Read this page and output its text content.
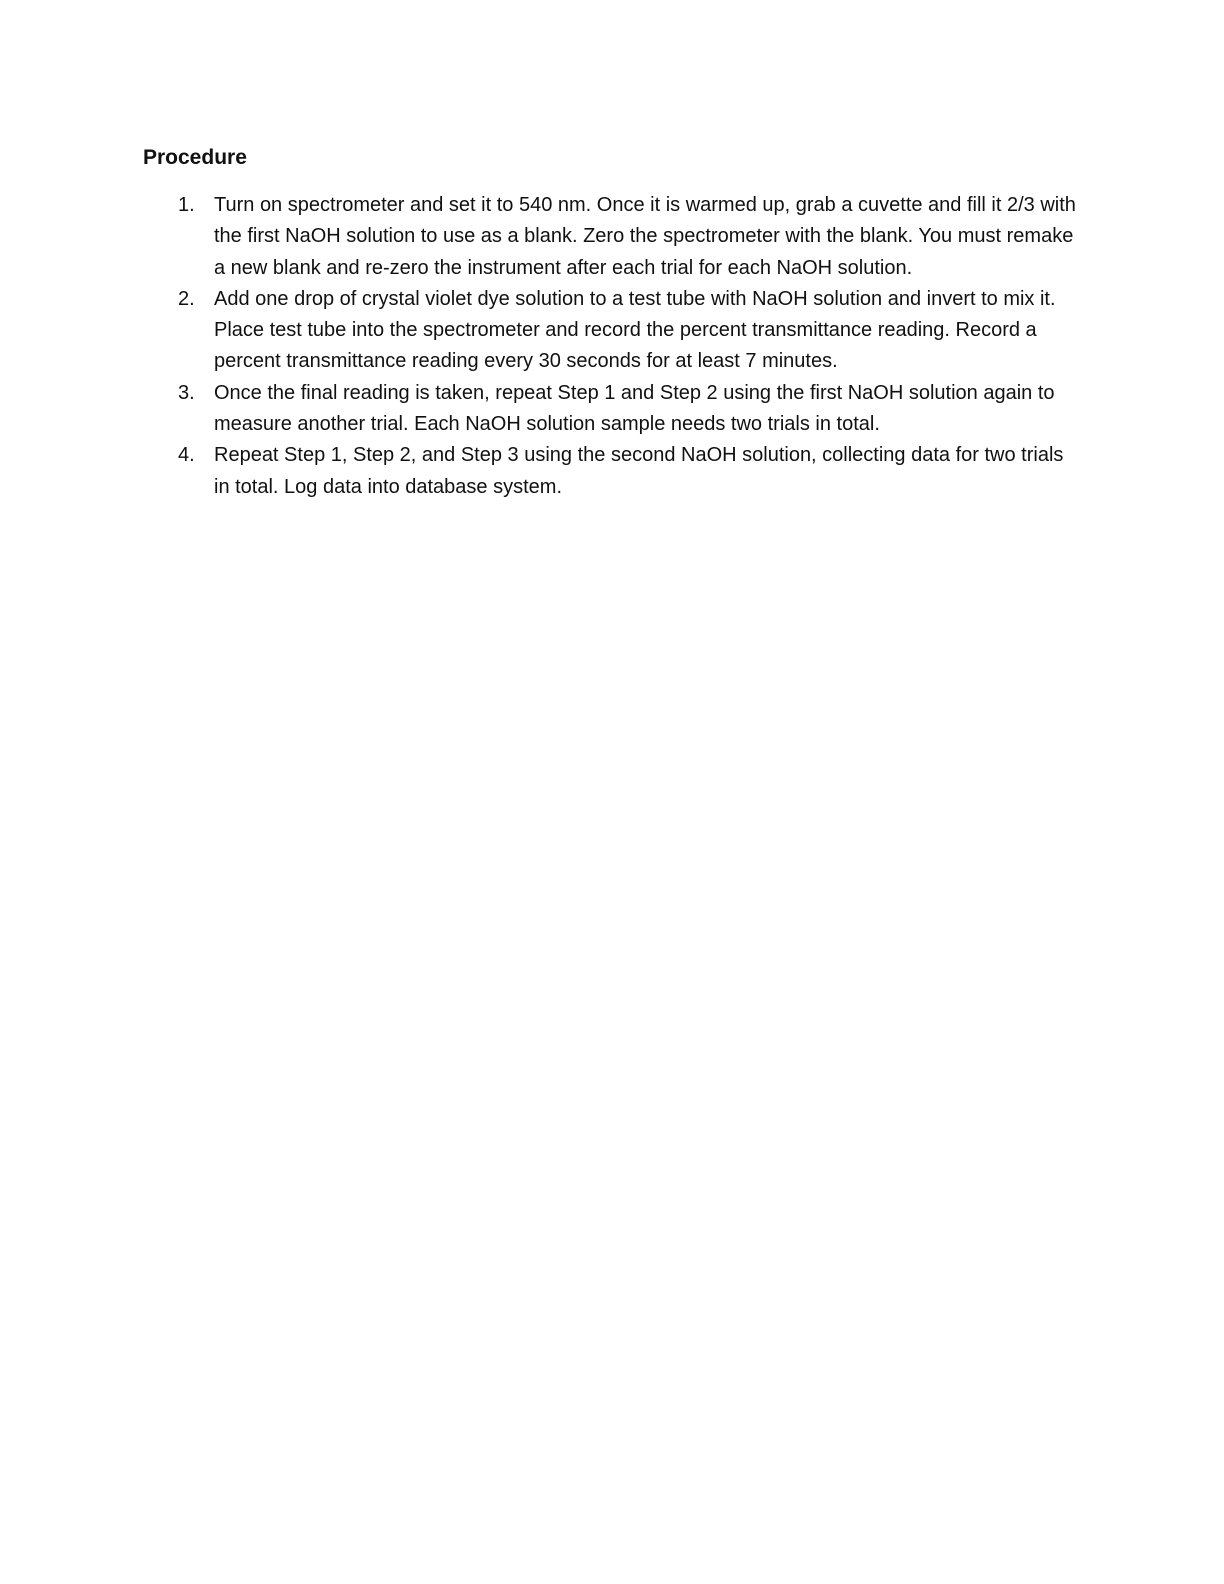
Procedure
1. Turn on spectrometer and set it to 540 nm. Once it is warmed up, grab a cuvette and fill it 2/3 with the first NaOH solution to use as a blank. Zero the spectrometer with the blank. You must remake a new blank and re-zero the instrument after each trial for each NaOH solution.
2. Add one drop of crystal violet dye solution to a test tube with NaOH solution and invert to mix it. Place test tube into the spectrometer and record the percent transmittance reading. Record a percent transmittance reading every 30 seconds for at least 7 minutes.
3. Once the final reading is taken, repeat Step 1 and Step 2 using the first NaOH solution again to measure another trial. Each NaOH solution sample needs two trials in total.
4. Repeat Step 1, Step 2, and Step 3 using the second NaOH solution, collecting data for two trials in total. Log data into database system.
